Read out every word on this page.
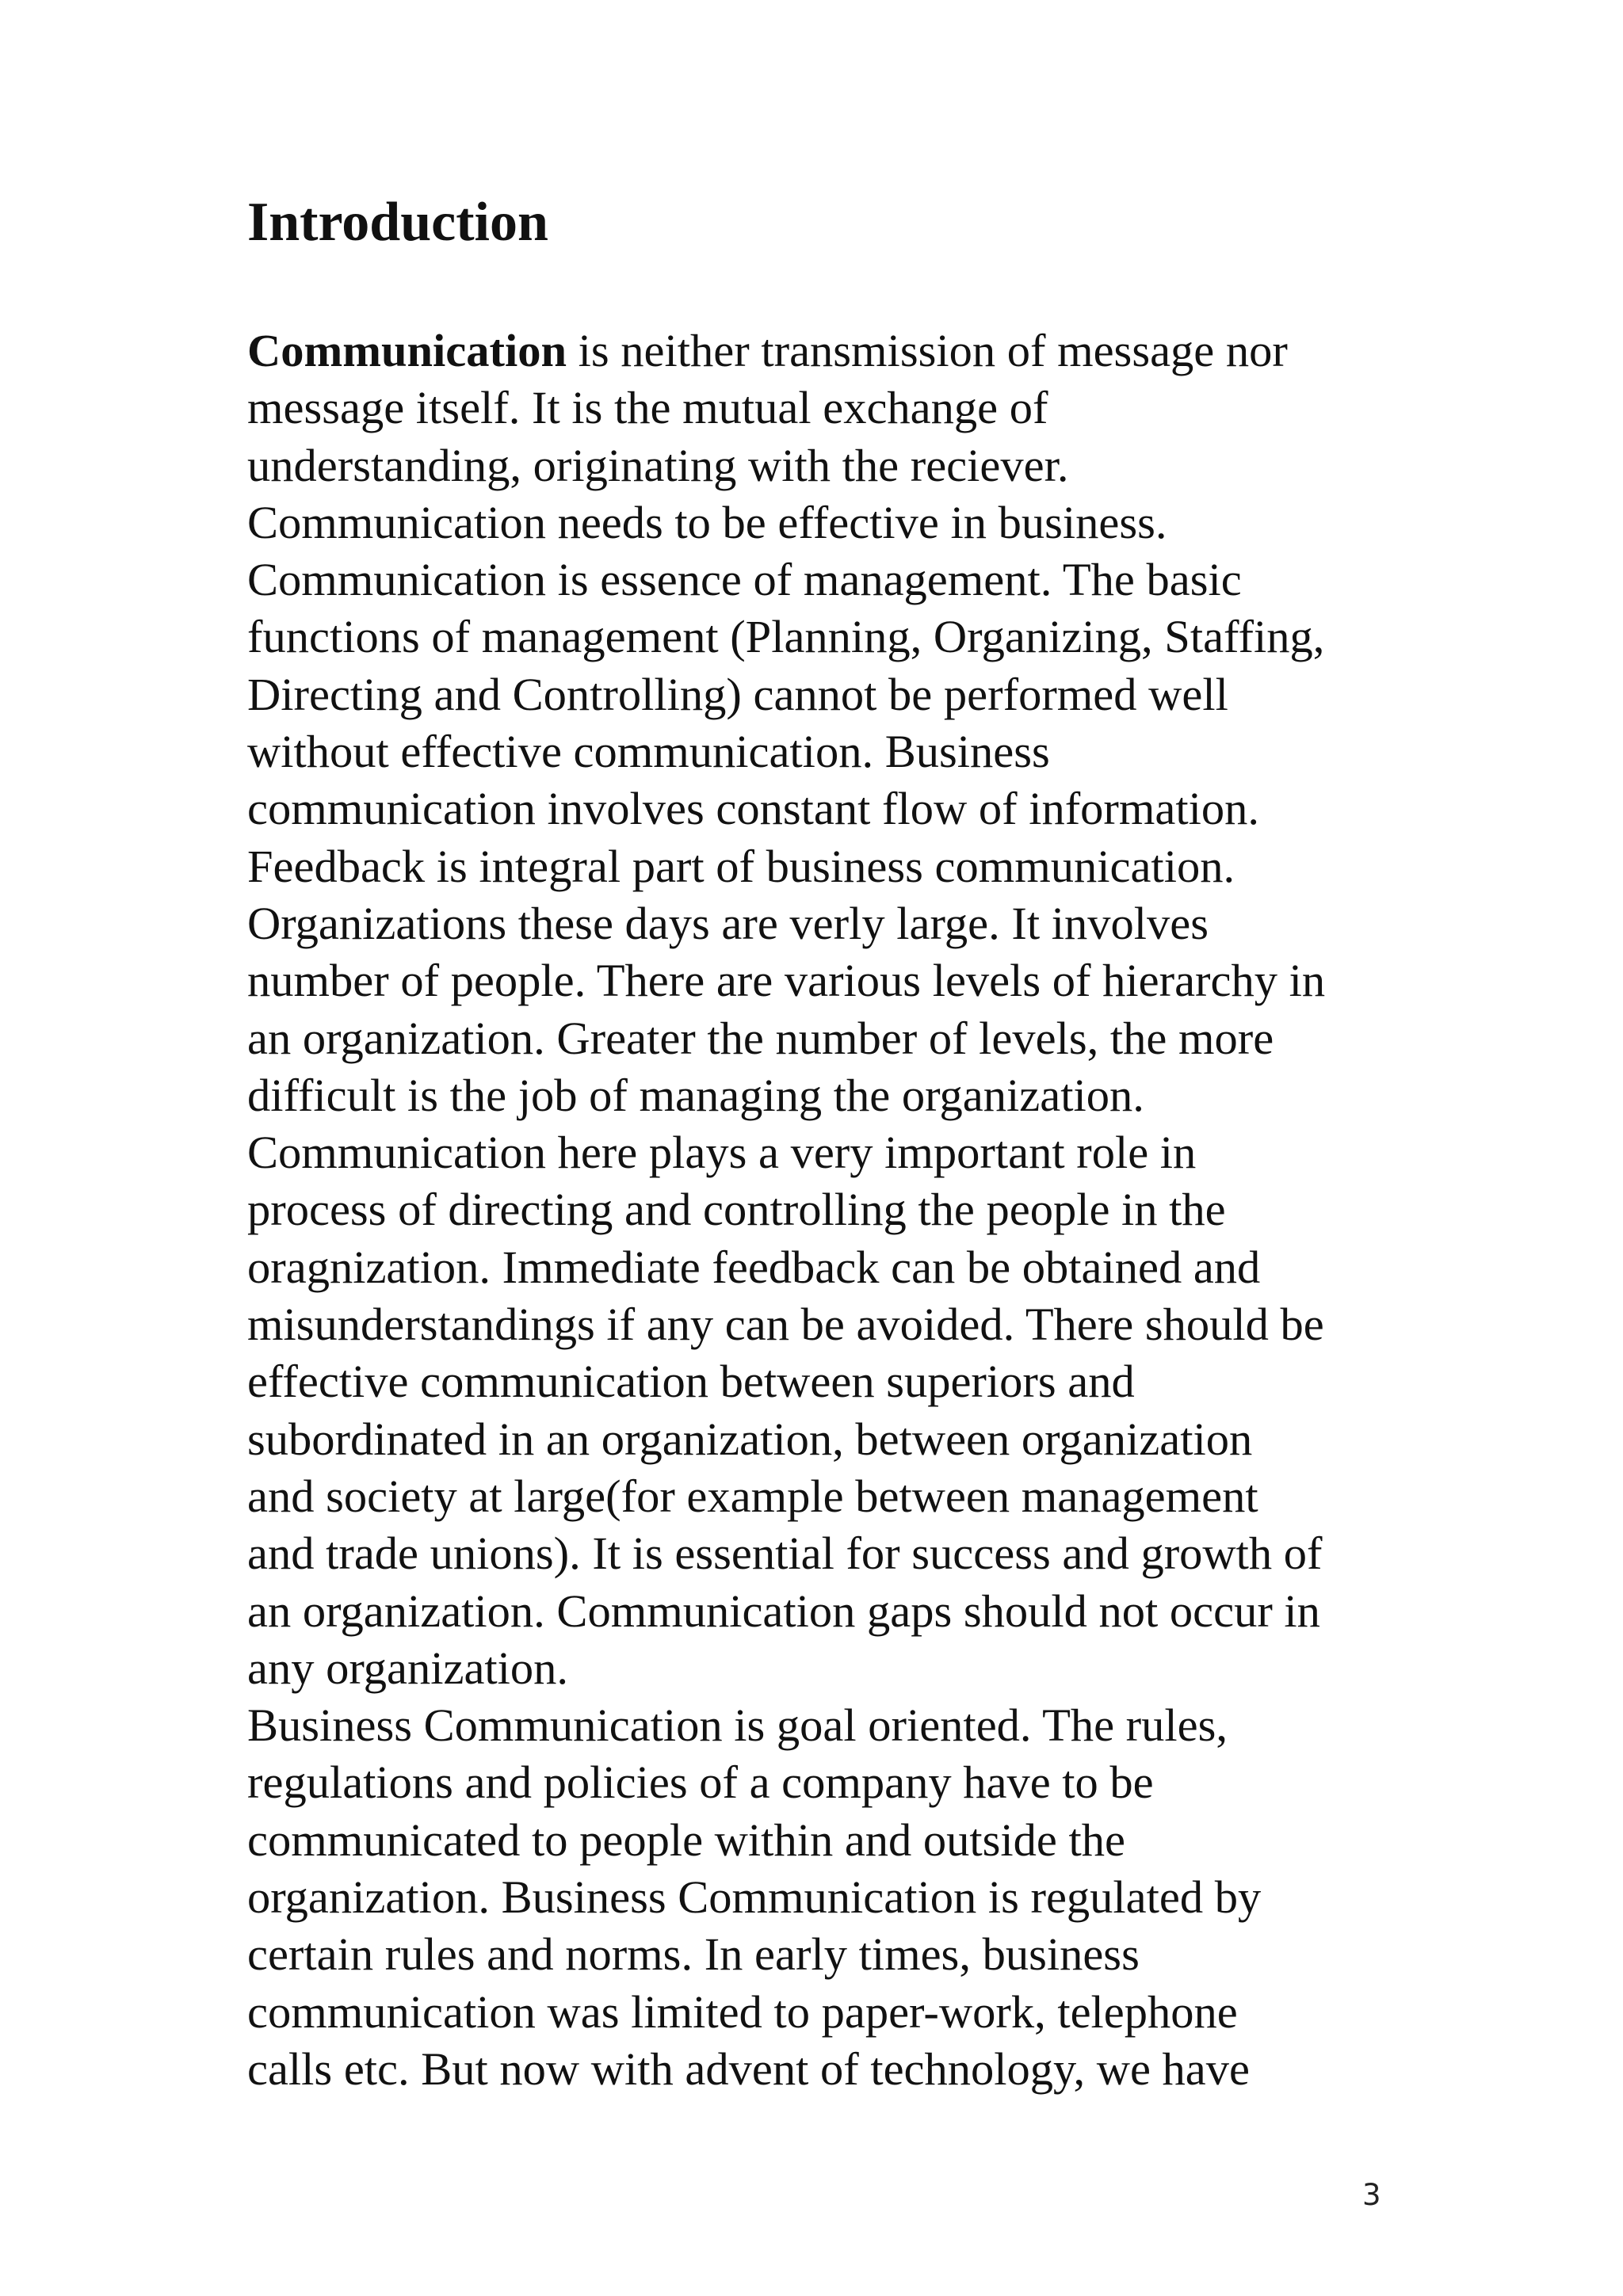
Introduction
Communication is neither transmission of message nor
message itself. It is the mutual exchange of
understanding, originating with the reciever.
Communication needs to be effective in business.
Communication is essence of management. The basic
functions of management (Planning, Organizing, Staffing,
Directing and Controlling) cannot be performed well
without effective communication. Business
communication involves constant flow of information.
Feedback is integral part of business communication.
Organizations these days are verly large. It involves
number of people. There are various levels of hierarchy in
an organization. Greater the number of levels, the more
difficult is the job of managing the organization.
Communication here plays a very important role in
process of directing and controlling the people in the
oragnization. Immediate feedback can be obtained and
misunderstandings if any can be avoided. There should be
effective communication between superiors and
subordinated in an organization, between organization
and society at large(for example between management
and trade unions). It is essential for success and growth of
an organization. Communication gaps should not occur in
any organization.
Business Communication is goal oriented. The rules,
regulations and policies of a company have to be
communicated to people within and outside the
organization. Business Communication is regulated by
certain rules and norms. In early times, business
communication was limited to paper-work, telephone
calls etc. But now with advent of technology, we have
3
